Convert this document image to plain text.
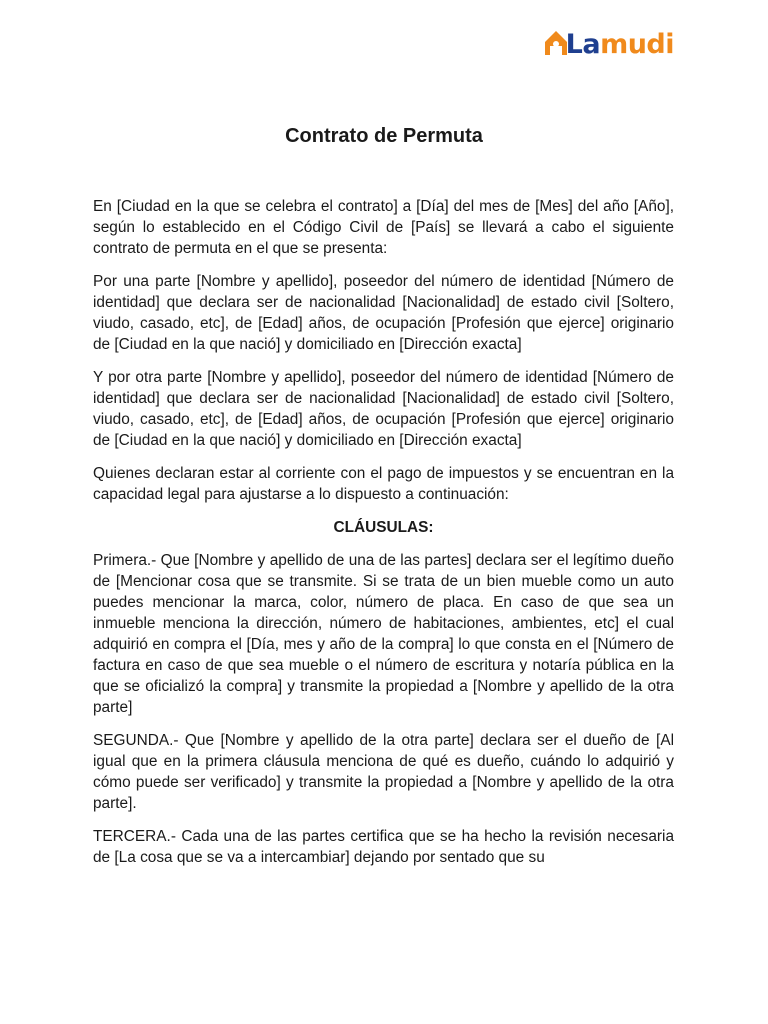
Lamudi
Contrato de Permuta

En [Ciudad en la que se celebra el contrato] a [Día] del mes de [Mes] del año [Año], según lo establecido en el Código Civil de [País] se llevará a cabo el siguiente contrato de permuta en el que se presenta:

Por una parte [Nombre y apellido], poseedor del número de identidad [Número de identidad] que declara ser de nacionalidad [Nacionalidad] de estado civil [Soltero, viudo, casado, etc], de [Edad] años, de ocupación [Profesión que ejerce] originario de [Ciudad en la que nació] y domiciliado en [Dirección exacta]

Y por otra parte [Nombre y apellido], poseedor del número de identidad [Número de identidad] que declara ser de nacionalidad [Nacionalidad] de estado civil [Soltero, viudo, casado, etc], de [Edad] años, de ocupación [Profesión que ejerce] originario de [Ciudad en la que nació] y domiciliado en [Dirección exacta]

Quienes declaran estar al corriente con el pago de impuestos y se encuentran en la capacidad legal para ajustarse a lo dispuesto a continuación:

CLÁUSULAS:

Primera.- Que [Nombre y apellido de una de las partes] declara ser el legítimo dueño de [Mencionar cosa que se transmite. Si se trata de un bien mueble como un auto puedes mencionar la marca, color, número de placa. En caso de que sea un inmueble menciona la dirección, número de habitaciones, ambientes, etc] el cual adquirió en compra el [Día, mes y año de la compra] lo que consta en el [Número de factura en caso de que sea mueble o el número de escritura y notaría pública en la que se oficializó la compra] y transmite la propiedad a [Nombre y apellido de la otra parte]

SEGUNDA.- Que [Nombre y apellido de la otra parte] declara ser el dueño de [Al igual que en la primera cláusula menciona de qué es dueño, cuándo lo adquirió y cómo puede ser verificado] y transmite la propiedad a [Nombre y apellido de la otra parte].

TERCERA.- Cada una de las partes certifica que se ha hecho la revisión necesaria de [La cosa que se va a intercambiar] dejando por sentado que su
